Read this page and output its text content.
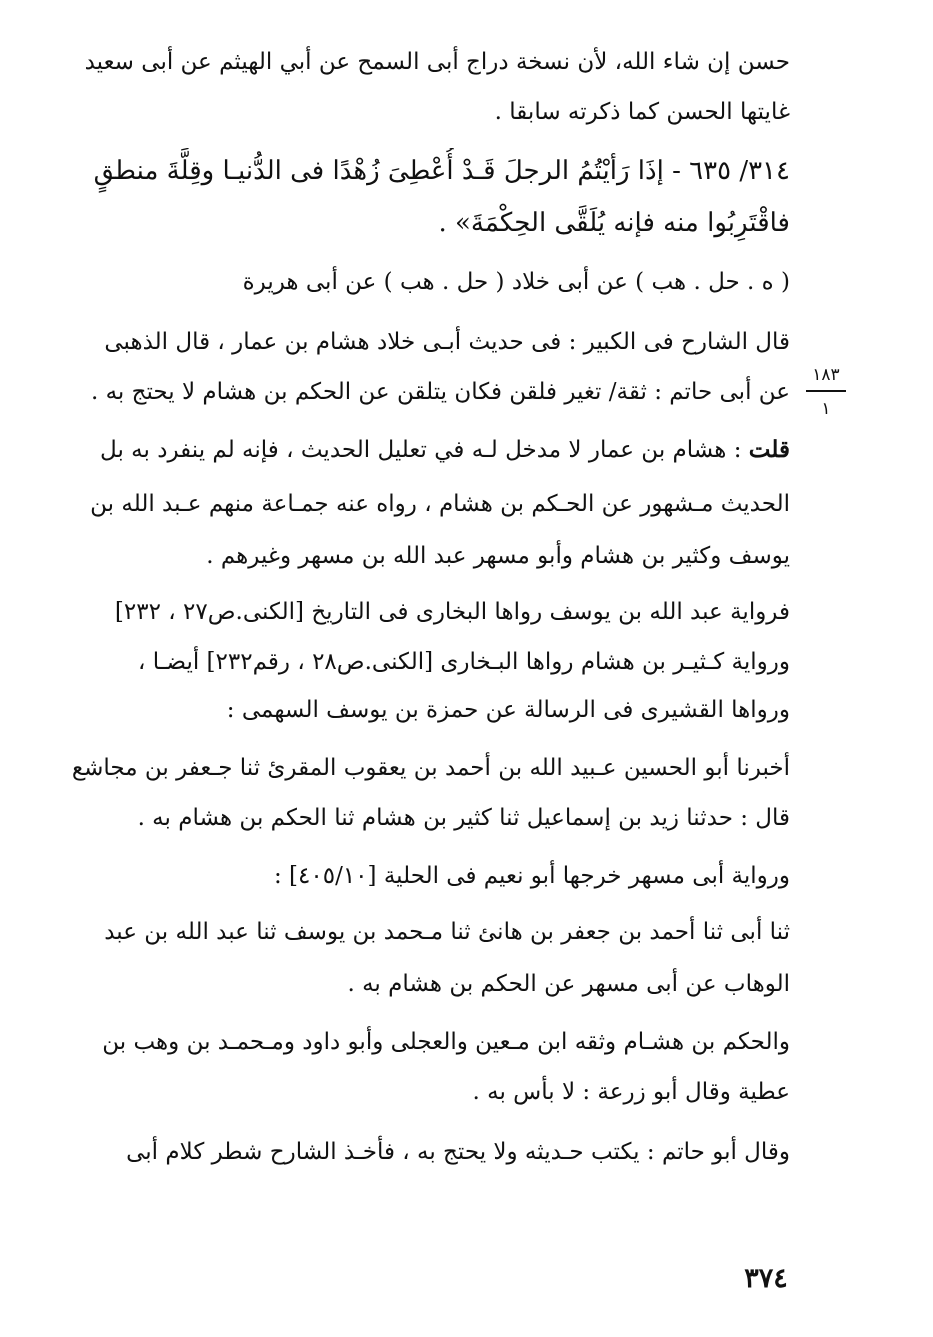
حسن إن شاء الله، لأن نسخة دراج أبى السمح عن أبي الهيثم عن أبى سعيد
غايتها الحسن كما ذكرته سابقا .
٣١٤/ ٦٣٥ - إذَا رَأيْتُمُ الرجلَ قَـدْ أُعْطِىَ زُهْدًا فى الدُّنيـا وقِلَّةَ منطقٍ
فاقْتَرِبُوا منه فإنه يُلَقَّى الحِكْمَةَ» .
( ه . حل . هب ) عن أبى خلاد ( حل . هب ) عن أبى هريرة
قال الشارح فى الكبير : فى حديث أبـى خلاد هشام بن عمار ، قال الذهبى
عن أبى حاتم : ثقة/ تغير فلقن فكان يتلقن عن الحكم بن هشام لا يحتج به .
قلت : هشام بن عمار لا مدخل لـه في تعليل الحديث ، فإنه لم ينفرد به بل
الحديث مـشهور عن الحـكم بن هشام ، رواه عنه جمـاعة منهم عـبد الله بن
يوسف وكثير بن هشام وأبو مسهر عبد الله بن مسهر وغيرهم .
فرواية عبد الله بن يوسف رواها البخارى فى التاريخ [الكنى.ص٢٧ ، ٢٣٢]
ورواية كـثيـر بن هشام رواها البـخارى [الكنى.ص٢٨ ، رقم٢٣٢] أيضـا ،
ورواها القشيرى فى الرسالة عن حمزة بن يوسف السهمى :
أخبرنا أبو الحسين عـبيد الله بن أحمد بن يعقوب المقرئ ثنا جـعفر بن مجاشع
قال : حدثنا زيد بن إسماعيل ثنا كثير بن هشام ثنا الحكم بن هشام به .
ورواية أبى مسهر خرجها أبو نعيم فى الحلية [٤٠٥/١٠] :
ثنا أبى ثنا أحمد بن جعفر بن هانئ ثنا مـحمد بن يوسف ثنا عبد الله بن عبد
الوهاب عن أبى مسهر عن الحكم بن هشام به .
والحكم بن هشـام وثقه ابن مـعين والعجلى وأبو داود ومـحمـد بن وهب بن
عطية وقال أبو زرعة : لا بأس به .
وقال أبو حاتم : يكتب حـديثه ولا يحتج به ، فأخـذ الشارح شطر كلام أبى
١٨٣
١
٣٧٤
